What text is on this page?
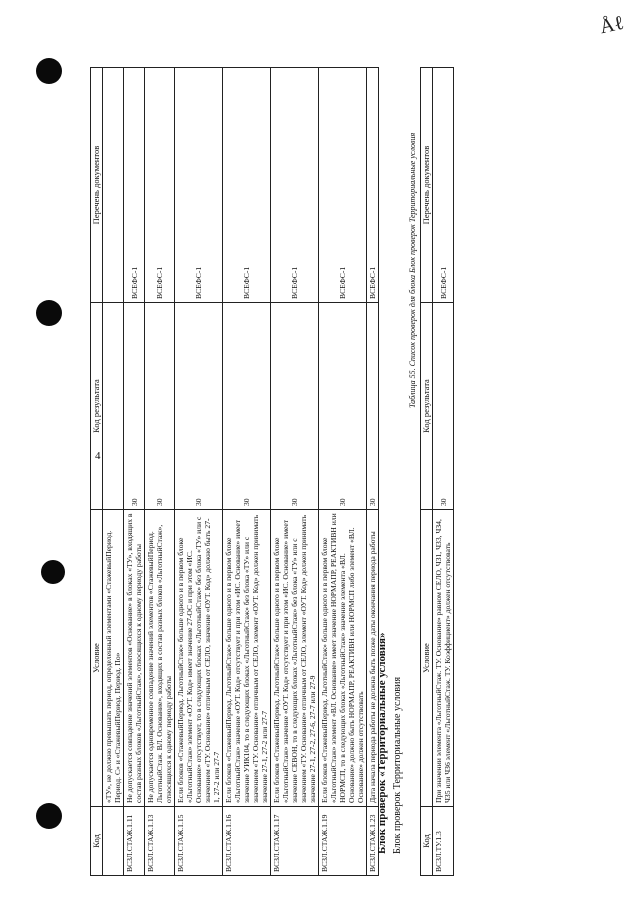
Åℓ
Код	Условие	Код результата	Перечень документов
	«ТУ», не должно превышать период, определенный элементами «СтажевыйПериод. Период. С» и «СтажевыйПериод. Период. По»		
ВСЗЛ.СТАЖ.1.11	Не допускается совпадение значений элементов «Основание» в блоках «ТУ», входящих в состав разных блоков «ЛьготныйСтаж», относящихся к одному периоду работы	30	ВСЕФС-1
ВСЗЛ.СТАЖ.1.13	Не допускается одновременное совпадение значений элементов «СтажевыйПериод. ЛьготныйСтаж. ВЛ. Основание», входящих в состав разных блоков «ЛьготныйСтаж», относящихся к одному периоду работы	30	ВСЕФС-1
ВСЗЛ.СТАЖ.1.15	Если блоков «СтажевыйПериод. ЛьготныйСтаж» больше одного и в первом блоке «ЛьготныйСтаж» элемент «ОУТ. Код» имеет значение 27-ОС и при этом «ИС. Основание» отсутствует, то в следующих блоках «ЛьготныйСтаж» без блока «ТУ» или с значением «ТУ. Основание» отличным от СЕЛО, значение «ОУТ. Код» должно быть 27-1, 27-2 или 27-7	30	ВСЕФС-1
ВСЗЛ.СТАЖ.1.16	Если блоков «СтажевыйПериод. ЛьготныйСтаж» больше одного и в первом блоке «ЛьготныйСтаж» значение «ОУТ. Код» отсутствует и при этом «ИС. Основание» имеет значение УИК104, то в следующих блоках «ЛьготныйСтаж» без блока «ТУ» или с значением «ТУ. Основание» отличным от СЕЛО, элемент «ОУТ. Код» должен принимать значение 27-1, 27-2 или 27-7	30	ВСЕФС-1
ВСЗЛ.СТАЖ.1.17	Если блоков «СтажевыйПериод. ЛьготныйСтаж» больше одного и в первом блоке «ЛьготныйСтаж» значение «ОУТ. Код» отсутствует и при этом «ИС. Основание» имеет значение СЕВОН, то в следующих блоках «ЛьготныйСтаж» без блока «ТУ» или с значением «ТУ. Основание» отличным от СЕЛО, элемент «ОУТ. Код» должен принимать значение 27-1, 27-2, 27-6, 27-7 или 27-9	30	ВСЕФС-1
ВСЗЛ.СТАЖ.1.19	Если блоков «СтажевыйПериод. ЛьготныйСтаж» больше одного и в первом блоке «ЛьготныйСтаж» элемент «ВЛ. Основание» имеет значение НОРМАПР, РЕАКТИВН или НОРМСП, то в следующих блоках «ЛьготныйСтаж» значение элемента «ВЛ. Основание» должно быть НОРМАПР, РЕАКТИВН или НОРМСП либо элемент «ВЛ. Основание» должен отсутствовать	30	ВСЕФС-1
ВСЗЛ.СТАЖ.1.23	Дата начала периода работы не должна быть позже даты окончания периода работы	30	ВСЕФС-1
Блок проверок «Территориальные условия» Блок проверок Территориальные условия
Таблица 55. Список проверок для блока Блок проверок Территориальные условия
Код	Условие	Код результата	Перечень документов
ВСЗЛ.ТУ.1.3	При значении элемента «ЛьготныйСтаж. ТУ. Основание» равном СЕЛО, ЧЗ1, ЧЗ3, ЧЗ4, ЧЗ5 или ЧЗ6 элемент «ЛьготныйСтаж. ТУ. Коэффициент» должен отсутствовать	30	ВСЕФС-1
4
